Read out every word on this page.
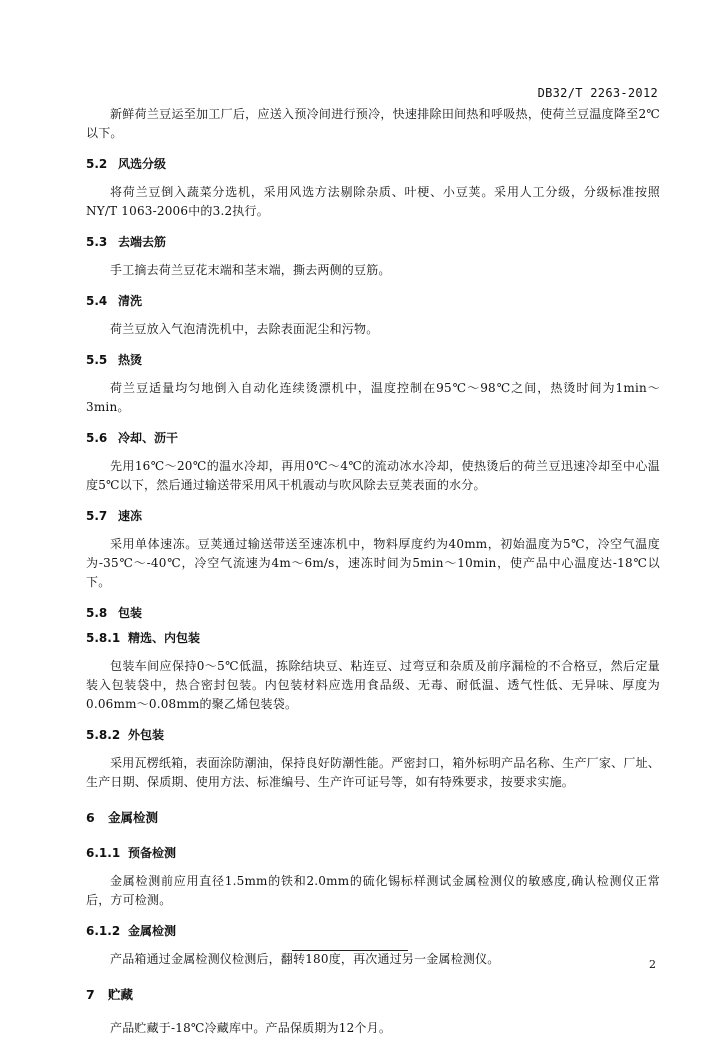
DB32/T 2263-2012

新鲜荷兰豆运至加工厂后，应送入预冷间进行预冷，快速排除田间热和呼吸热，使荷兰豆温度降至2℃以下。

5.2 风选分级

将荷兰豆倒入蔬菜分选机，采用风选方法剔除杂质、叶梗、小豆荚。采用人工分级，分级标准按照NY/T 1063-2006中的3.2执行。

5.3 去端去筋

手工摘去荷兰豆花末端和茎末端，撕去两侧的豆筋。

5.4 清洗

荷兰豆放入气泡清洗机中，去除表面泥尘和污物。

5.5 热烫

荷兰豆适量均匀地倒入自动化连续烫漂机中，温度控制在95℃～98℃之间，热烫时间为1min～3min。

5.6 冷却、沥干

先用16℃～20℃的温水冷却，再用0℃～4℃的流动冰水冷却，使热烫后的荷兰豆迅速冷却至中心温度5℃以下，然后通过输送带采用风干机震动与吹风除去豆荚表面的水分。

5.7 速冻

采用单体速冻。豆荚通过输送带送至速冻机中，物料厚度约为40mm，初始温度为5℃，冷空气温度为-35℃～-40℃，冷空气流速为4m～6m/s，速冻时间为5min～10min，使产品中心温度达-18℃以下。

5.8 包装
5.8.1 精选、内包装

包装车间应保持0～5℃低温，拣除结块豆、粘连豆、过弯豆和杂质及前序漏检的不合格豆，然后定量装入包装袋中，热合密封包装。内包装材料应选用食品级、无毒、耐低温、透气性低、无异味、厚度为0.06mm～0.08mm的聚乙烯包装袋。

5.8.2 外包装

采用瓦楞纸箱，表面涂防潮油，保持良好防潮性能。严密封口，箱外标明产品名称、生产厂家、厂址、生产日期、保质期、使用方法、标准编号、生产许可证号等，如有特殊要求，按要求实施。

6 金属检测
6.1.1 预备检测

金属检测前应用直径1.5mm的铁和2.0mm的硫化锡标样测试金属检测仪的敏感度,确认检测仪正常后，方可检测。

6.1.2 金属检测

产品箱通过金属检测仪检测后，翻转180度，再次通过另一金属检测仪。

7 贮藏

产品贮藏于-18℃冷藏库中。产品保质期为12个月。

2
